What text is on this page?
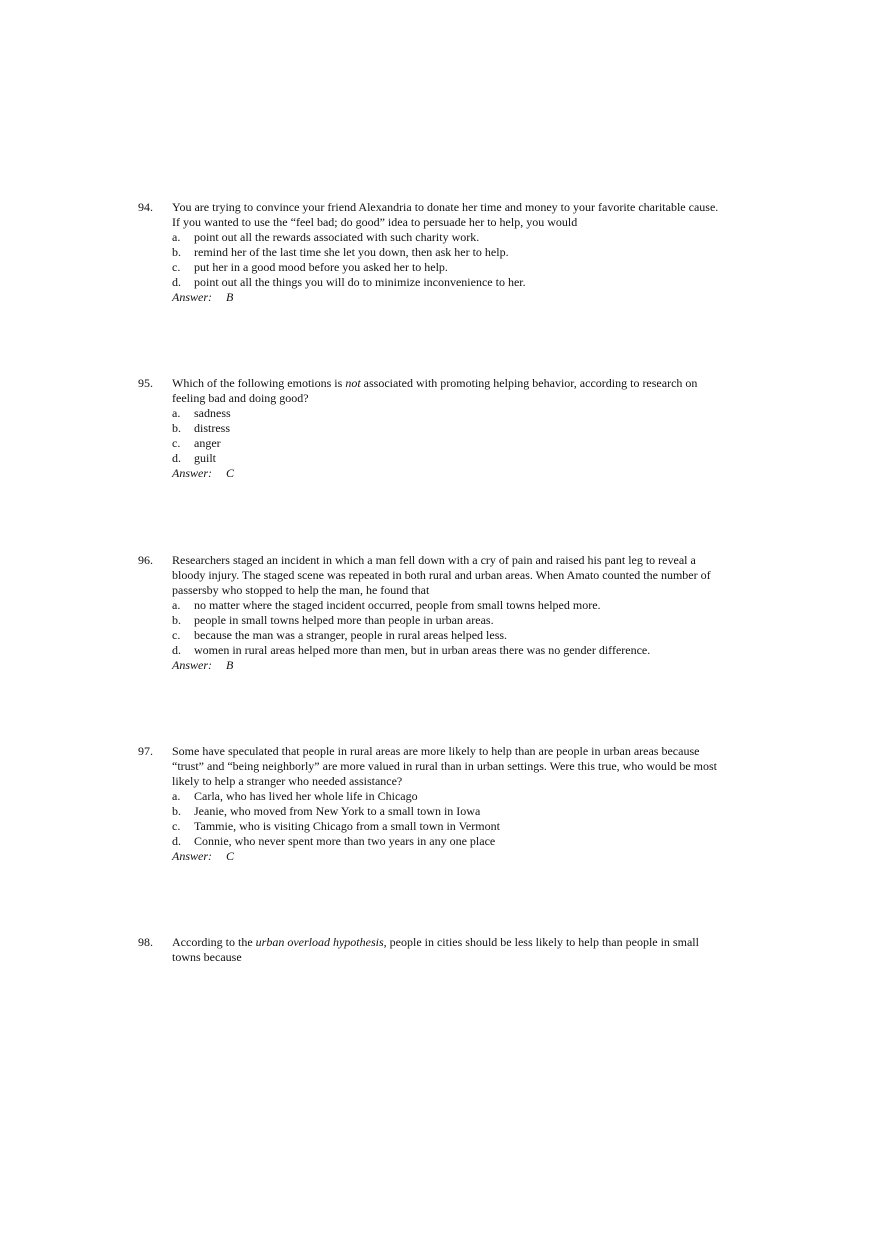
94.	You are trying to convince your friend Alexandria to donate her time and money to your favorite charitable cause.
If you wanted to use the “feel bad; do good” idea to persuade her to help, you would
a.	point out all the rewards associated with such charity work.
b.	remind her of the last time she let you down, then ask her to help.
c.	put her in a good mood before you asked her to help.
d.	point out all the things you will do to minimize inconvenience to her.
Answer: B
95.	Which of the following emotions is not associated with promoting helping behavior, according to research on
feeling bad and doing good?
a.	sadness
b.	distress
c.	anger
d.	guilt
Answer: C
96.	Researchers staged an incident in which a man fell down with a cry of pain and raised his pant leg to reveal a
bloody injury. The staged scene was repeated in both rural and urban areas. When Amato counted the number of
passersby who stopped to help the man, he found that
a.	no matter where the staged incident occurred, people from small towns helped more.
b.	people in small towns helped more than people in urban areas.
c.	because the man was a stranger, people in rural areas helped less.
d.	women in rural areas helped more than men, but in urban areas there was no gender difference.
Answer: B
97.	Some have speculated that people in rural areas are more likely to help than are people in urban areas because
“trust” and “being neighborly” are more valued in rural than in urban settings. Were this true, who would be most
likely to help a stranger who needed assistance?
a.	Carla, who has lived her whole life in Chicago
b.	Jeanie, who moved from New York to a small town in Iowa
c.	Tammie, who is visiting Chicago from a small town in Vermont
d.	Connie, who never spent more than two years in any one place
Answer: C
98.	According to the urban overload hypothesis, people in cities should be less likely to help than people in small
towns because
